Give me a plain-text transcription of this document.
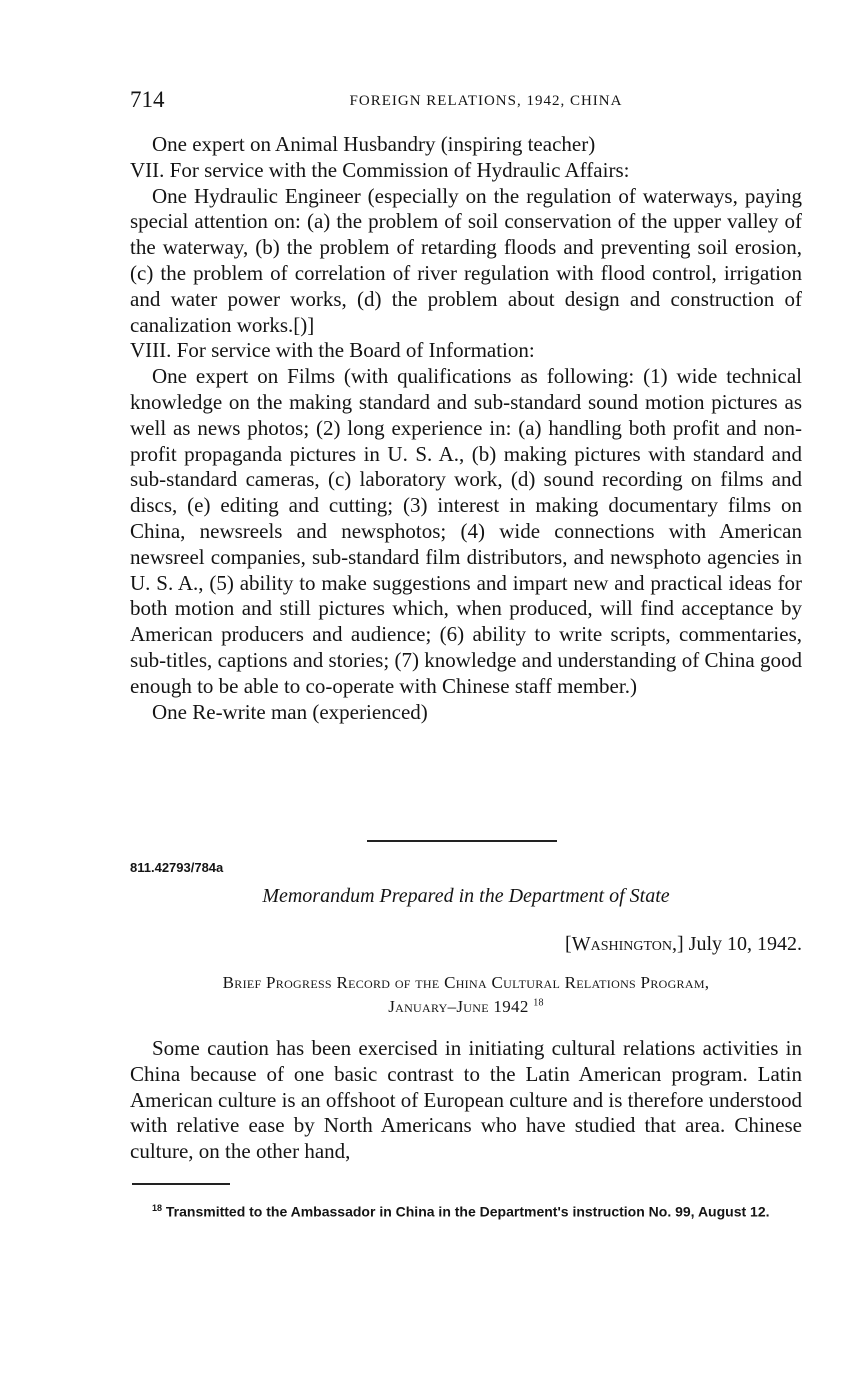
714	FOREIGN RELATIONS, 1942, CHINA

One expert on Animal Husbandry (inspiring teacher)

VII. For service with the Commission of Hydraulic Affairs:

One Hydraulic Engineer (especially on the regulation of waterways, paying special attention on: (a) the problem of soil conservation of the upper valley of the waterway, (b) the problem of retarding floods and preventing soil erosion, (c) the problem of correlation of river regulation with flood control, irrigation and water power works, (d) the problem about design and construction of canalization works.[)]

VIII. For service with the Board of Information:

One expert on Films (with qualifications as following: (1) wide technical knowledge on the making standard and sub-standard sound motion pictures as well as news photos; (2) long experience in: (a) handling both profit and non-profit propaganda pictures in U. S. A., (b) making pictures with standard and sub-standard cameras, (c) laboratory work, (d) sound recording on films and discs, (e) editing and cutting; (3) interest in making documentary films on China, newsreels and newsphotos; (4) wide connections with American newsreel companies, sub-standard film distributors, and newsphoto agencies in U. S. A., (5) ability to make suggestions and impart new and practical ideas for both motion and still pictures which, when produced, will find acceptance by American producers and audience; (6) ability to write scripts, commentaries, sub-titles, captions and stories; (7) knowledge and understanding of China good enough to be able to co-operate with Chinese staff member.)

One Re-write man (experienced)

811.42793/784a
Memorandum Prepared in the Department of State
[Washington,] July 10, 1942.
Brief Progress Record of the China Cultural Relations Program,
January–June 1942 $^{18}$

Some caution has been exercised in initiating cultural relations activities in China because of one basic contrast to the Latin American program. Latin American culture is an offshoot of European culture and is therefore understood with relative ease by North Americans who have studied that area. Chinese culture, on the other hand,

$^{18}$ Transmitted to the Ambassador in China in the Department's instruction No. 99, August 12.
